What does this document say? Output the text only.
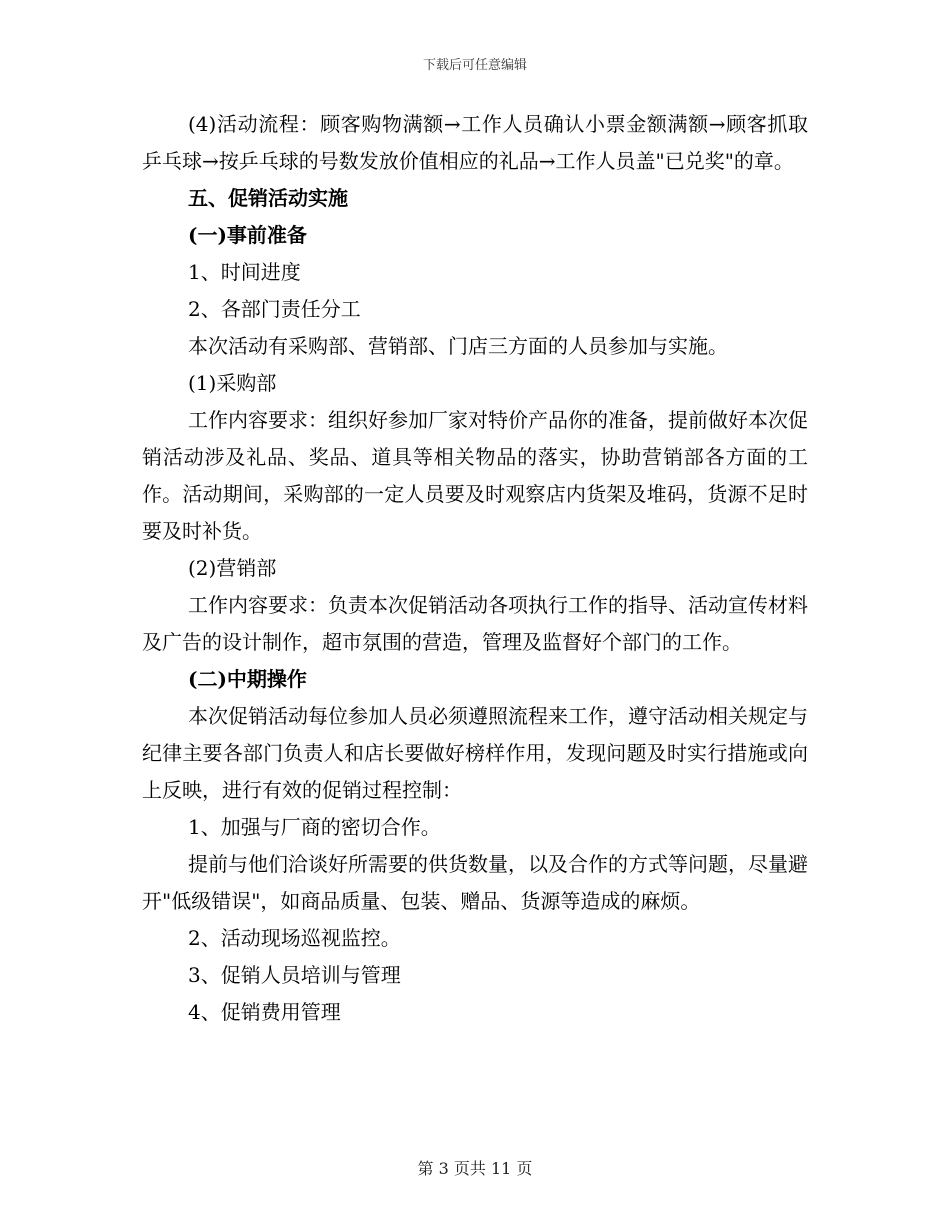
下载后可任意编辑

(4)活动流程：顾客购物满额→工作人员确认小票金额满额→顾客抓取乒乓球→按乒乓球的号数发放价值相应的礼品→工作人员盖"已兑奖"的章。

五、促销活动实施

(一)事前准备

1、时间进度

2、各部门责任分工

本次活动有采购部、营销部、门店三方面的人员参加与实施。

(1)采购部

工作内容要求：组织好参加厂家对特价产品你的准备，提前做好本次促销活动涉及礼品、奖品、道具等相关物品的落实，协助营销部各方面的工作。活动期间，采购部的一定人员要及时观察店内货架及堆码，货源不足时要及时补货。

(2)营销部

工作内容要求：负责本次促销活动各项执行工作的指导、活动宣传材料及广告的设计制作，超市氛围的营造，管理及监督好个部门的工作。

(二)中期操作

本次促销活动每位参加人员必须遵照流程来工作，遵守活动相关规定与纪律主要各部门负责人和店长要做好榜样作用，发现问题及时实行措施或向上反映，进行有效的促销过程控制：

1、加强与厂商的密切合作。

提前与他们洽谈好所需要的供货数量，以及合作的方式等问题，尽量避开"低级错误"，如商品质量、包装、赠品、货源等造成的麻烦。

2、活动现场巡视监控。

3、促销人员培训与管理

4、促销费用管理

第 3 页共 11 页
